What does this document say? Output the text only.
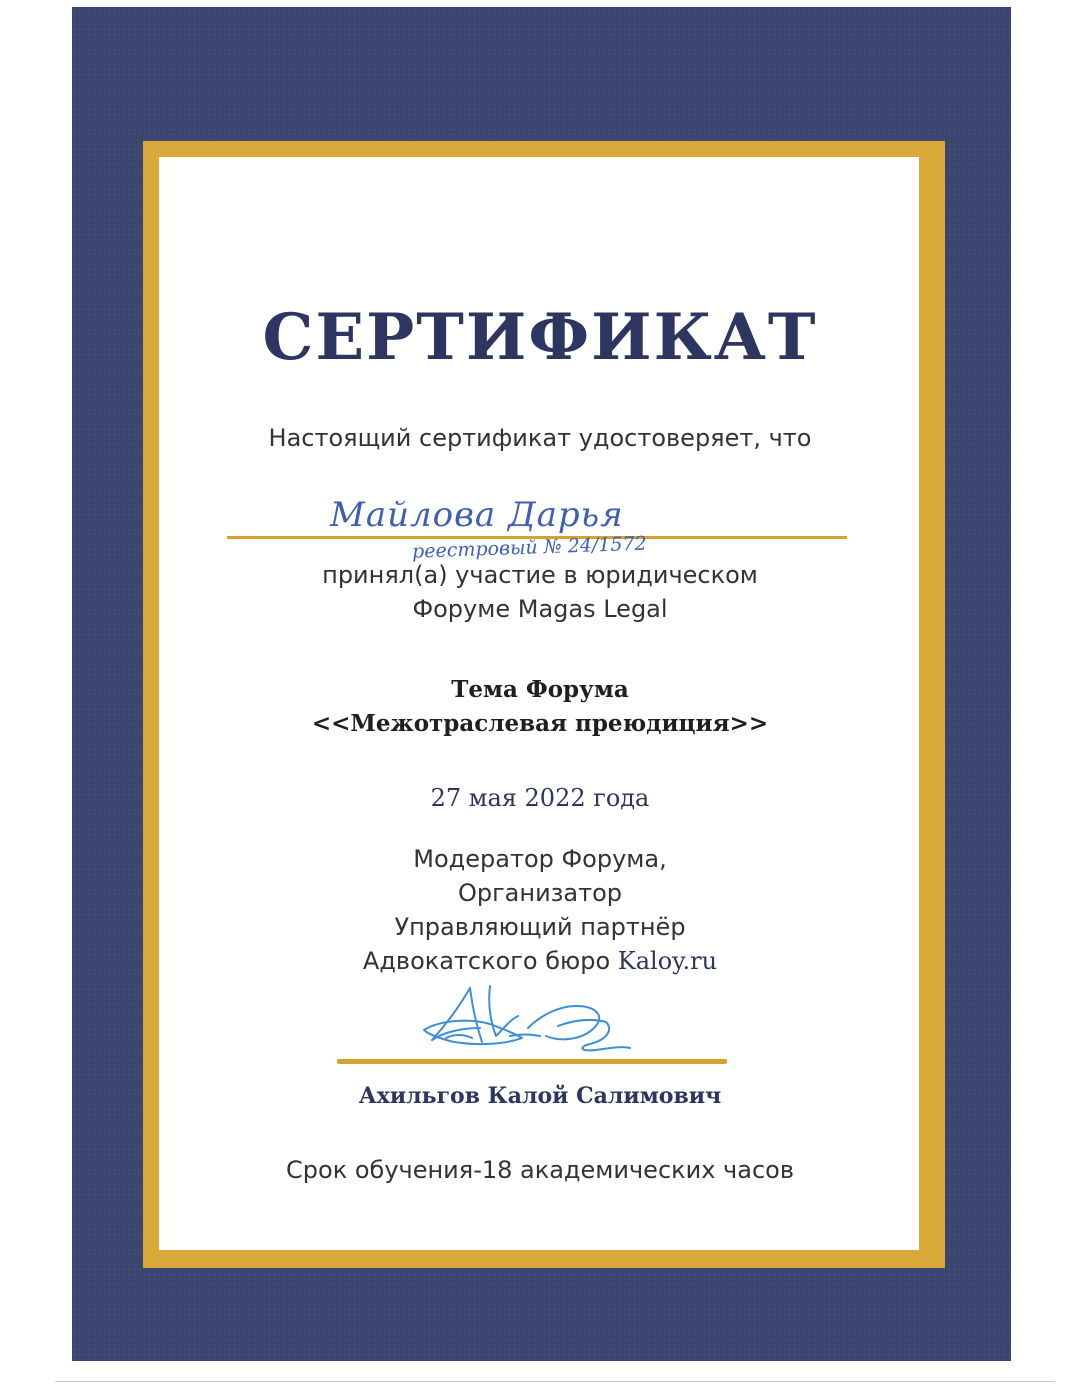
СЕРТИФИКАТ

Настоящий сертификат удостоверяет, что

Майлова Дарья
реестровый № 24/1572

принял(а) участие в юридическом

Форуме Magas Legal

Тема Форума

<<Межотраслевая преюдиция>>

27 мая 2022 года

Модератор Форума,

Организатор

Управляющий партнёр

Адвокатского бюро Kaloy.ru

Ахильгов Калой Салимович

Срок обучения-18 академических часов
